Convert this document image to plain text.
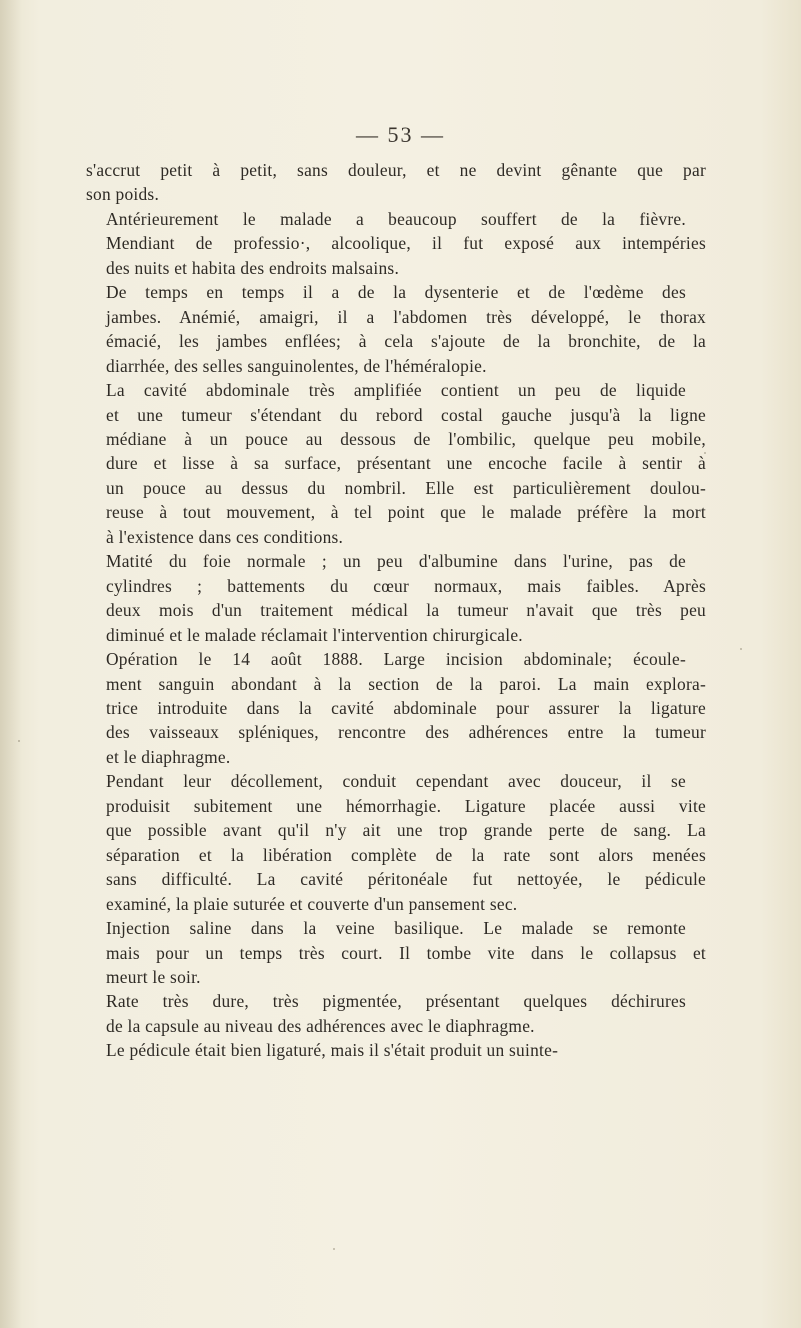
— 53 —

s'accrut petit à petit, sans douleur, et ne devint gênante que par
son poids.

Antérieurement le malade a beaucoup souffert de la fièvre.
Mendiant de professio·, alcoolique, il fut exposé aux intempéries
des nuits et habita des endroits malsains.

De temps en temps il a de la dysenterie et de l'œdème des
jambes. Anémié, amaigri, il a l'abdomen très développé, le thorax
émacié, les jambes enflées; à cela s'ajoute de la bronchite, de la
diarrhée, des selles sanguinolentes, de l'héméralopie.

La cavité abdominale très amplifiée contient un peu de liquide
et une tumeur s'étendant du rebord costal gauche jusqu'à la ligne
médiane à un pouce au dessous de l'ombilic, quelque peu mobile,
dure et lisse à sa surface, présentant une encoche facile à sentir à
un pouce au dessus du nombril. Elle est particulièrement doulou-
reuse à tout mouvement, à tel point que le malade préfère la mort
à l'existence dans ces conditions.

Matité du foie normale ; un peu d'albumine dans l'urine, pas de
cylindres ; battements du cœur normaux, mais faibles. Après
deux mois d'un traitement médical la tumeur n'avait que très peu
diminué et le malade réclamait l'intervention chirurgicale.

Opération le 14 août 1888. Large incision abdominale; écoule-
ment sanguin abondant à la section de la paroi. La main explora-
trice introduite dans la cavité abdominale pour assurer la ligature
des vaisseaux spléniques, rencontre des adhérences entre la tumeur
et le diaphragme.

Pendant leur décollement, conduit cependant avec douceur, il se
produisit subitement une hémorrhagie. Ligature placée aussi vite
que possible avant qu'il n'y ait une trop grande perte de sang. La
séparation et la libération complète de la rate sont alors menées
sans difficulté. La cavité péritonéale fut nettoyée, le pédicule
examiné, la plaie suturée et couverte d'un pansement sec.

Injection saline dans la veine basilique. Le malade se remonte
mais pour un temps très court. Il tombe vite dans le collapsus et
meurt le soir.

Rate très dure, très pigmentée, présentant quelques déchirures
de la capsule au niveau des adhérences avec le diaphragme.

Le pédicule était bien ligaturé, mais il s'était produit un suinte-
